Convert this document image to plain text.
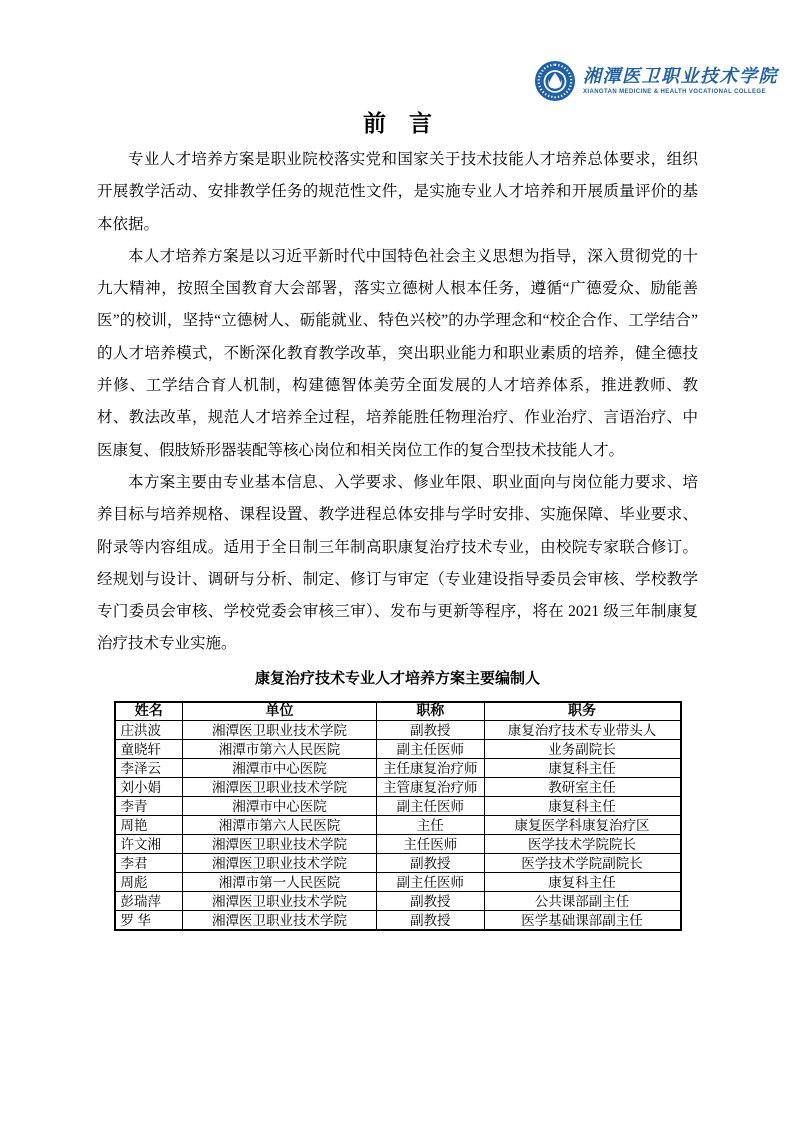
湘潭医卫职业技术学院
XIANGTAN MEDICINE & HEALTH VOCATIONAL COLLEGE
前　言

专业人才培养方案是职业院校落实党和国家关于技术技能人才培养总体要求，组织开展教学活动、安排教学任务的规范性文件，是实施专业人才培养和开展质量评价的基本依据。

本人才培养方案是以习近平新时代中国特色社会主义思想为指导，深入贯彻党的十九大精神，按照全国教育大会部署，落实立德树人根本任务，遵循“广德爱众、励能善医”的校训，坚持“立德树人、砺能就业、特色兴校”的办学理念和“校企合作、工学结合”的人才培养模式，不断深化教育教学改革，突出职业能力和职业素质的培养，健全德技并修、工学结合育人机制，构建德智体美劳全面发展的人才培养体系，推进教师、教材、教法改革，规范人才培养全过程，培养能胜任物理治疗、作业治疗、言语治疗、中医康复、假肢矫形器装配等核心岗位和相关岗位工作的复合型技术技能人才。

本方案主要由专业基本信息、入学要求、修业年限、职业面向与岗位能力要求、培养目标与培养规格、课程设置、教学进程总体安排与学时安排、实施保障、毕业要求、附录等内容组成。适用于全日制三年制高职康复治疗技术专业，由校院专家联合修订。经规划与设计、调研与分析、制定、修订与审定（专业建设指导委员会审核、学校教学专门委员会审核、学校党委会审核三审）、发布与更新等程序，将在 2021 级三年制康复治疗技术专业实施。

康复治疗技术专业人才培养方案主要编制人
姓名	单位	职称	职务
庄洪波	湘潭医卫职业技术学院	副教授	康复治疗技术专业带头人
童晓轩	湘潭市第六人民医院	副主任医师	业务副院长
李泽云	湘潭市中心医院	主任康复治疗师	康复科主任
刘小娟	湘潭医卫职业技术学院	主管康复治疗师	教研室主任
李青	湘潭市中心医院	副主任医师	康复科主任
周艳	湘潭市第六人民医院	主任	康复医学科康复治疗区
许文湘	湘潭医卫职业技术学院	主任医师	医学技术学院院长
李君	湘潭医卫职业技术学院	副教授	医学技术学院副院长
周彪	湘潭市第一人民医院	副主任医师	康复科主任
彭瑞萍	湘潭医卫职业技术学院	副教授	公共课部副主任
罗 华	湘潭医卫职业技术学院	副教授	医学基础课部副主任
